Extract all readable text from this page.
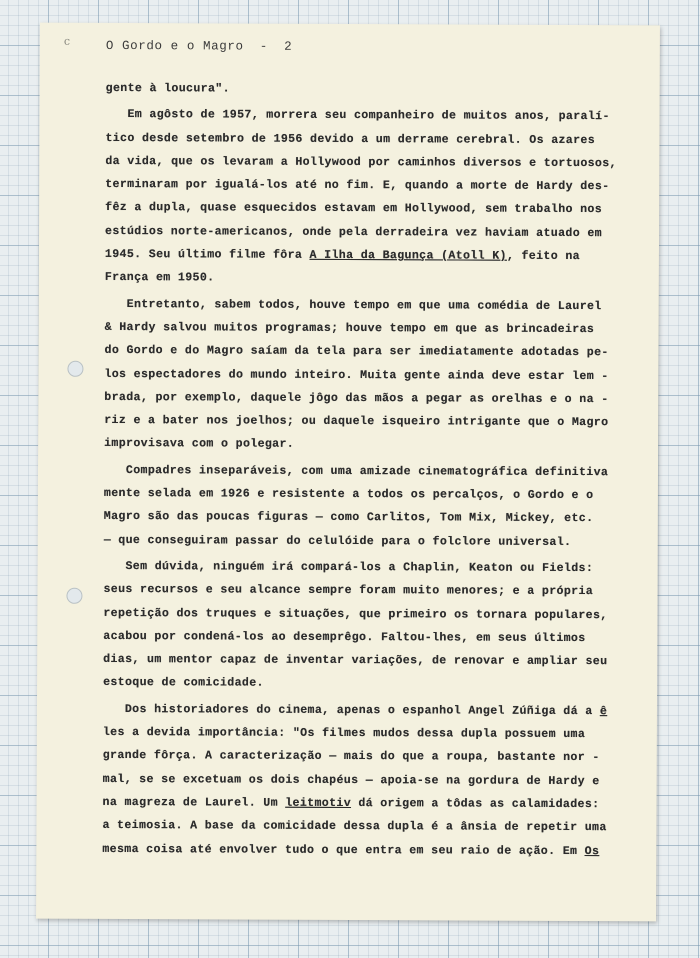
c	O Gordo e o Magro  -  2
gente à loucura".
Em agôsto de 1957, morrera seu companheiro de muitos anos, paralí-
tico desde setembro de 1956 devido a um derrame cerebral. Os azares
da vida, que os levaram a Hollywood por caminhos diversos e tortuosos,
terminaram por igualá-los até no fim. E, quando a morte de Hardy des-
fêz a dupla, quase esquecidos estavam em Hollywood, sem trabalho nos
estúdios norte-americanos, onde pela derradeira vez haviam atuado em
1945. Seu último filme fôra A Ilha da Bagunça (Atoll K), feito na
França em 1950.
Entretanto, sabem todos, houve tempo em que uma comédia de Laurel
& Hardy salvou muitos programas; houve tempo em que as brincadeiras
do Gordo e do Magro saíam da tela para ser imediatamente adotadas pe-
los espectadores do mundo inteiro. Muita gente ainda deve estar lem -
brada, por exemplo, daquele jôgo das mãos a pegar as orelhas e o na -
riz e a bater nos joelhos; ou daquele isqueiro intrigante que o Magro
improvisava com o polegar.
Compadres inseparáveis, com uma amizade cinematográfica definitiva
mente selada em 1926 e resistente a todos os percalços, o Gordo e o
Magro são das poucas figuras — como Carlitos, Tom Mix, Mickey, etc.
— que conseguiram passar do celulóide para o folclore universal.
Sem dúvida, ninguém irá compará-los a Chaplin, Keaton ou Fields:
seus recursos e seu alcance sempre foram muito menores; e a própria
repetição dos truques e situações, que primeiro os tornara populares,
acabou por condená-los ao desemprêgo. Faltou-lhes, em seus últimos
dias, um mentor capaz de inventar variações, de renovar e ampliar seu
estoque de comicidade.
Dos historiadores do cinema, apenas o espanhol Angel Zúñiga dá a ê
les a devida importância: "Os filmes mudos dessa dupla possuem uma
grande fôrça. A caracterização — mais do que a roupa, bastante nor -
mal, se se excetuam os dois chapéus — apoia-se na gordura de Hardy e
na magreza de Laurel. Um leitmotiv dá origem a tôdas as calamidades:
a teimosia. A base da comicidade dessa dupla é a ânsia de repetir uma
mesma coisa até envolver tudo o que entra em seu raio de ação. Em Os
